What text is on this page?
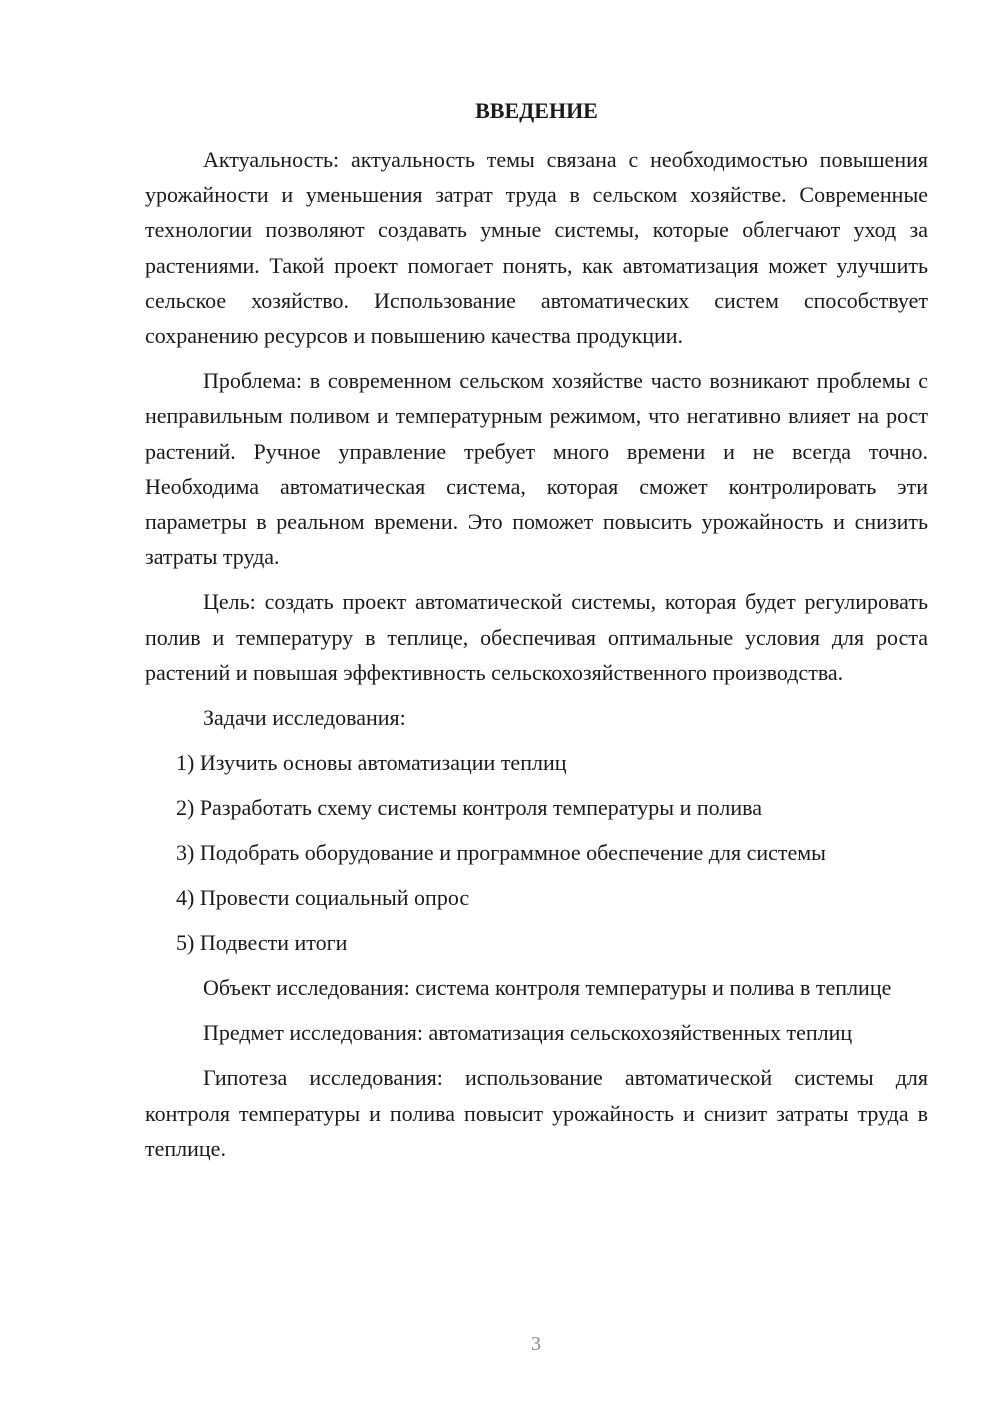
ВВЕДЕНИЕ

Актуальность: актуальность темы связана с необходимостью повышения урожайности и уменьшения затрат труда в сельском хозяйстве. Современные технологии позволяют создавать умные системы, которые облегчают уход за растениями. Такой проект помогает понять, как автоматизация может улучшить сельское хозяйство. Использование автоматических систем способствует сохранению ресурсов и повышению качества продукции.

Проблема: в современном сельском хозяйстве часто возникают проблемы с неправильным поливом и температурным режимом, что негативно влияет на рост растений. Ручное управление требует много времени и не всегда точно. Необходима автоматическая система, которая сможет контролировать эти параметры в реальном времени. Это поможет повысить урожайность и снизить затраты труда.

Цель: создать проект автоматической системы, которая будет регулировать полив и температуру в теплице, обеспечивая оптимальные условия для роста растений и повышая эффективность сельскохозяйственного производства.

Задачи исследования:
1) Изучить основы автоматизации теплиц
2) Разработать схему системы контроля температуры и полива
3) Подобрать оборудование и программное обеспечение для системы
4) Провести социальный опрос
5) Подвести итоги

Объект исследования: система контроля температуры и полива в теплице

Предмет исследования: автоматизация сельскохозяйственных теплиц

Гипотеза исследования: использование автоматической системы для контроля температуры и полива повысит урожайность и снизит затраты труда в теплице.

3
